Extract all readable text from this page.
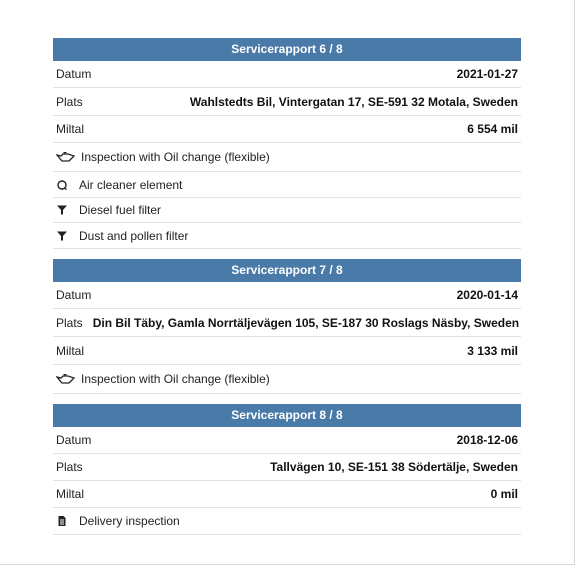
Servicerapport 6 / 8
Datum	2021-01-27
Plats	Wahlstedts Bil, Vintergatan 17, SE-591 32 Motala, Sweden
Miltal	6 554 mil
Inspection with Oil change (flexible)
Air cleaner element
Diesel fuel filter
Dust and pollen filter
Servicerapport 7 / 8
Datum	2020-01-14
Plats Din Bil Täby, Gamla Norrtäljevägen 105, SE-187 30 Roslags Näsby, Sweden
Miltal	3 133 mil
Inspection with Oil change (flexible)
Servicerapport 8 / 8
Datum	2018-12-06
Plats	Tallvägen 10, SE-151 38 Södertälje, Sweden
Miltal	0 mil
Delivery inspection
